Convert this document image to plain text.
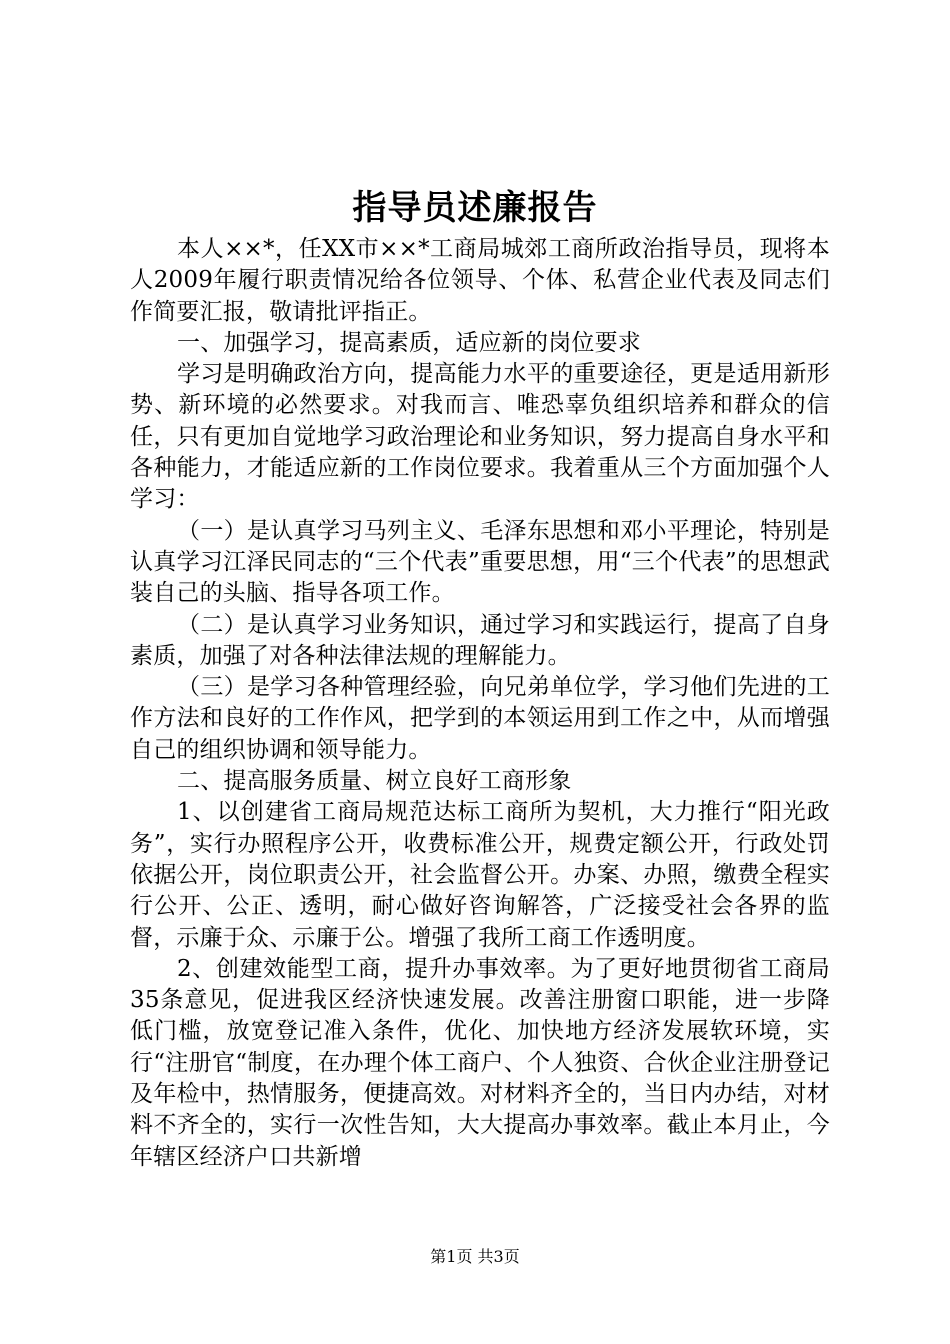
指导员述廉报告

本人××*，任XX市××*工商局城郊工商所政治指导员，现将本人2009年履行职责情况给各位领导、个体、私营企业代表及同志们作简要汇报，敬请批评指正。

一、加强学习，提高素质，适应新的岗位要求

学习是明确政治方向，提高能力水平的重要途径，更是适用新形势、新环境的必然要求。对我而言、唯恐辜负组织培养和群众的信任，只有更加自觉地学习政治理论和业务知识，努力提高自身水平和各种能力，才能适应新的工作岗位要求。我着重从三个方面加强个人学习：

（一）是认真学习马列主义、毛泽东思想和邓小平理论，特别是认真学习江泽民同志的“三个代表”重要思想，用“三个代表”的思想武装自己的头脑、指导各项工作。

（二）是认真学习业务知识，通过学习和实践运行，提高了自身素质，加强了对各种法律法规的理解能力。

（三）是学习各种管理经验，向兄弟单位学，学习他们先进的工作方法和良好的工作作风，把学到的本领运用到工作之中，从而增强自己的组织协调和领导能力。

二、提高服务质量、树立良好工商形象

1、以创建省工商局规范达标工商所为契机，大力推行“阳光政务”，实行办照程序公开，收费标准公开，规费定额公开，行政处罚依据公开，岗位职责公开，社会监督公开。办案、办照，缴费全程实行公开、公正、透明，耐心做好咨询解答，广泛接受社会各界的监督，示廉于众、示廉于公。增强了我所工商工作透明度。

2、创建效能型工商，提升办事效率。为了更好地贯彻省工商局35条意见，促进我区经济快速发展。改善注册窗口职能，进一步降低门槛，放宽登记准入条件，优化、加快地方经济发展软环境，实行“注册官“制度，在办理个体工商户、个人独资、合伙企业注册登记及年检中，热情服务，便捷高效。对材料齐全的，当日内办结，对材料不齐全的，实行一次性告知，大大提高办事效率。截止本月止，今年辖区经济户口共新增

第1页 共3页
